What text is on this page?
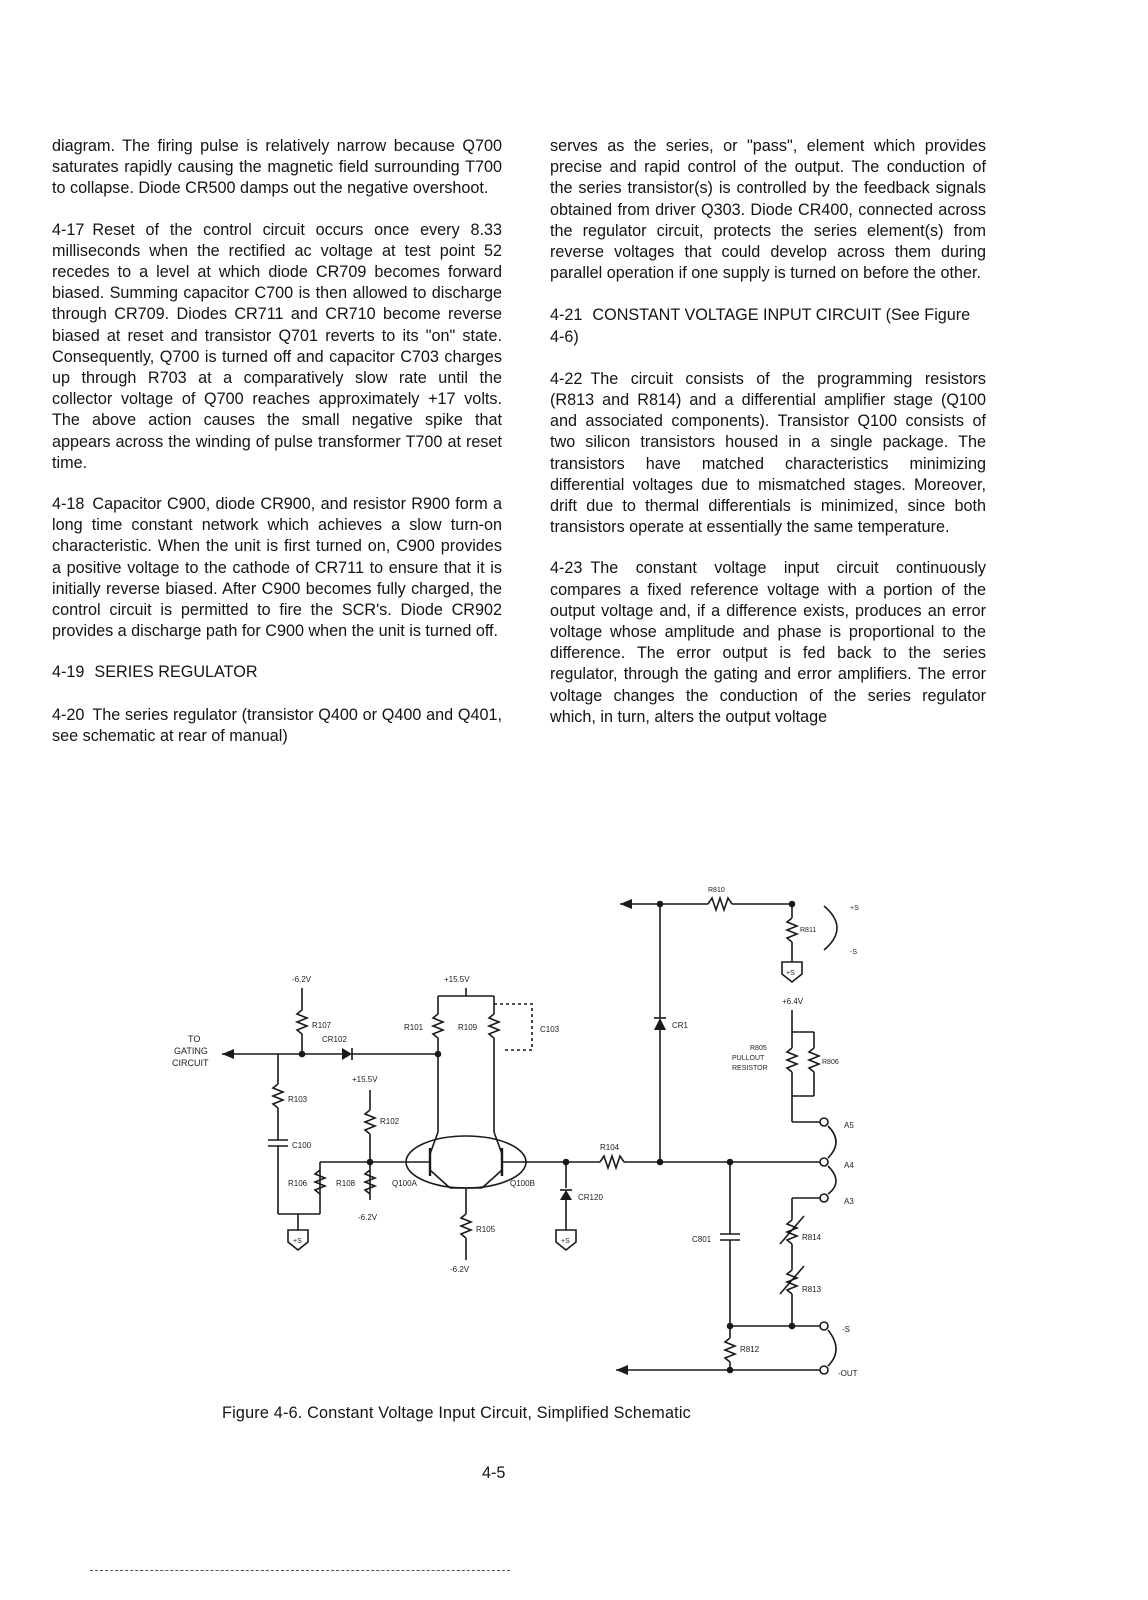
diagram. The firing pulse is relatively narrow because Q700 saturates rapidly causing the magnetic field surrounding T700 to collapse. Diode CR500 damps out the negative overshoot.

4-17 Reset of the control circuit occurs once every 8.33 milliseconds when the rectified ac voltage at test point 52 recedes to a level at which diode CR709 becomes forward biased. Summing capacitor C700 is then allowed to discharge through CR709. Diodes CR711 and CR710 become reverse biased at reset and transistor Q701 reverts to its "on" state. Consequently, Q700 is turned off and capacitor C703 charges up through R703 at a comparatively slow rate until the collector voltage of Q700 reaches approximately +17 volts. The above action causes the small negative spike that appears across the winding of pulse transformer T700 at reset time.

4-18 Capacitor C900, diode CR900, and resistor R900 form a long time constant network which achieves a slow turn-on characteristic. When the unit is first turned on, C900 provides a positive voltage to the cathode of CR711 to ensure that it is initially reverse biased. After C900 becomes fully charged, the control circuit is permitted to fire the SCR's. Diode CR902 provides a discharge path for C900 when the unit is turned off.

4-19 SERIES REGULATOR

4-20 The series regulator (transistor Q400 or Q400 and Q401, see schematic at rear of manual)

serves as the series, or "pass", element which provides precise and rapid control of the output. The conduction of the series transistor(s) is controlled by the feedback signals obtained from driver Q303. Diode CR400, connected across the regulator circuit, protects the series element(s) from reverse voltages that could develop across them during parallel operation if one supply is turned on before the other.

4-21 CONSTANT VOLTAGE INPUT CIRCUIT (See Figure 4-6)

4-22 The circuit consists of the programming resistors (R813 and R814) and a differential amplifier stage (Q100 and associated components). Transistor Q100 consists of two silicon transistors housed in a single package. The transistors have matched characteristics minimizing differential voltages due to mismatched stages. Moreover, drift due to thermal differentials is minimized, since both transistors operate at essentially the same temperature.

4-23 The constant voltage input circuit continuously compares a fixed reference voltage with a portion of the output voltage and, if a difference exists, produces an error voltage whose amplitude and phase is proportional to the difference. The error output is fed back to the series regulator, through the gating and error amplifiers. The error voltage changes the conduction of the series regulator which, in turn, alters the output voltage

TO
GATING
CIRCUIT
-6.2V
R107
CR102
R103
C100
R106
+S
+15.5V
R102
R108
-6.2V
+15.5V
R101	R109	C103
Q100A	Q100B
R105
-6.2V
+S
CR120
R104
CR1
R810
R811
+S
+S
-S
+6.4V
R805
PULLOUT
RESISTOR
R806
A5
A4
A3
R814
R813
C801
-S
R812
-OUT
Figure 4-6. Constant Voltage Input Circuit, Simplified Schematic
4-5
